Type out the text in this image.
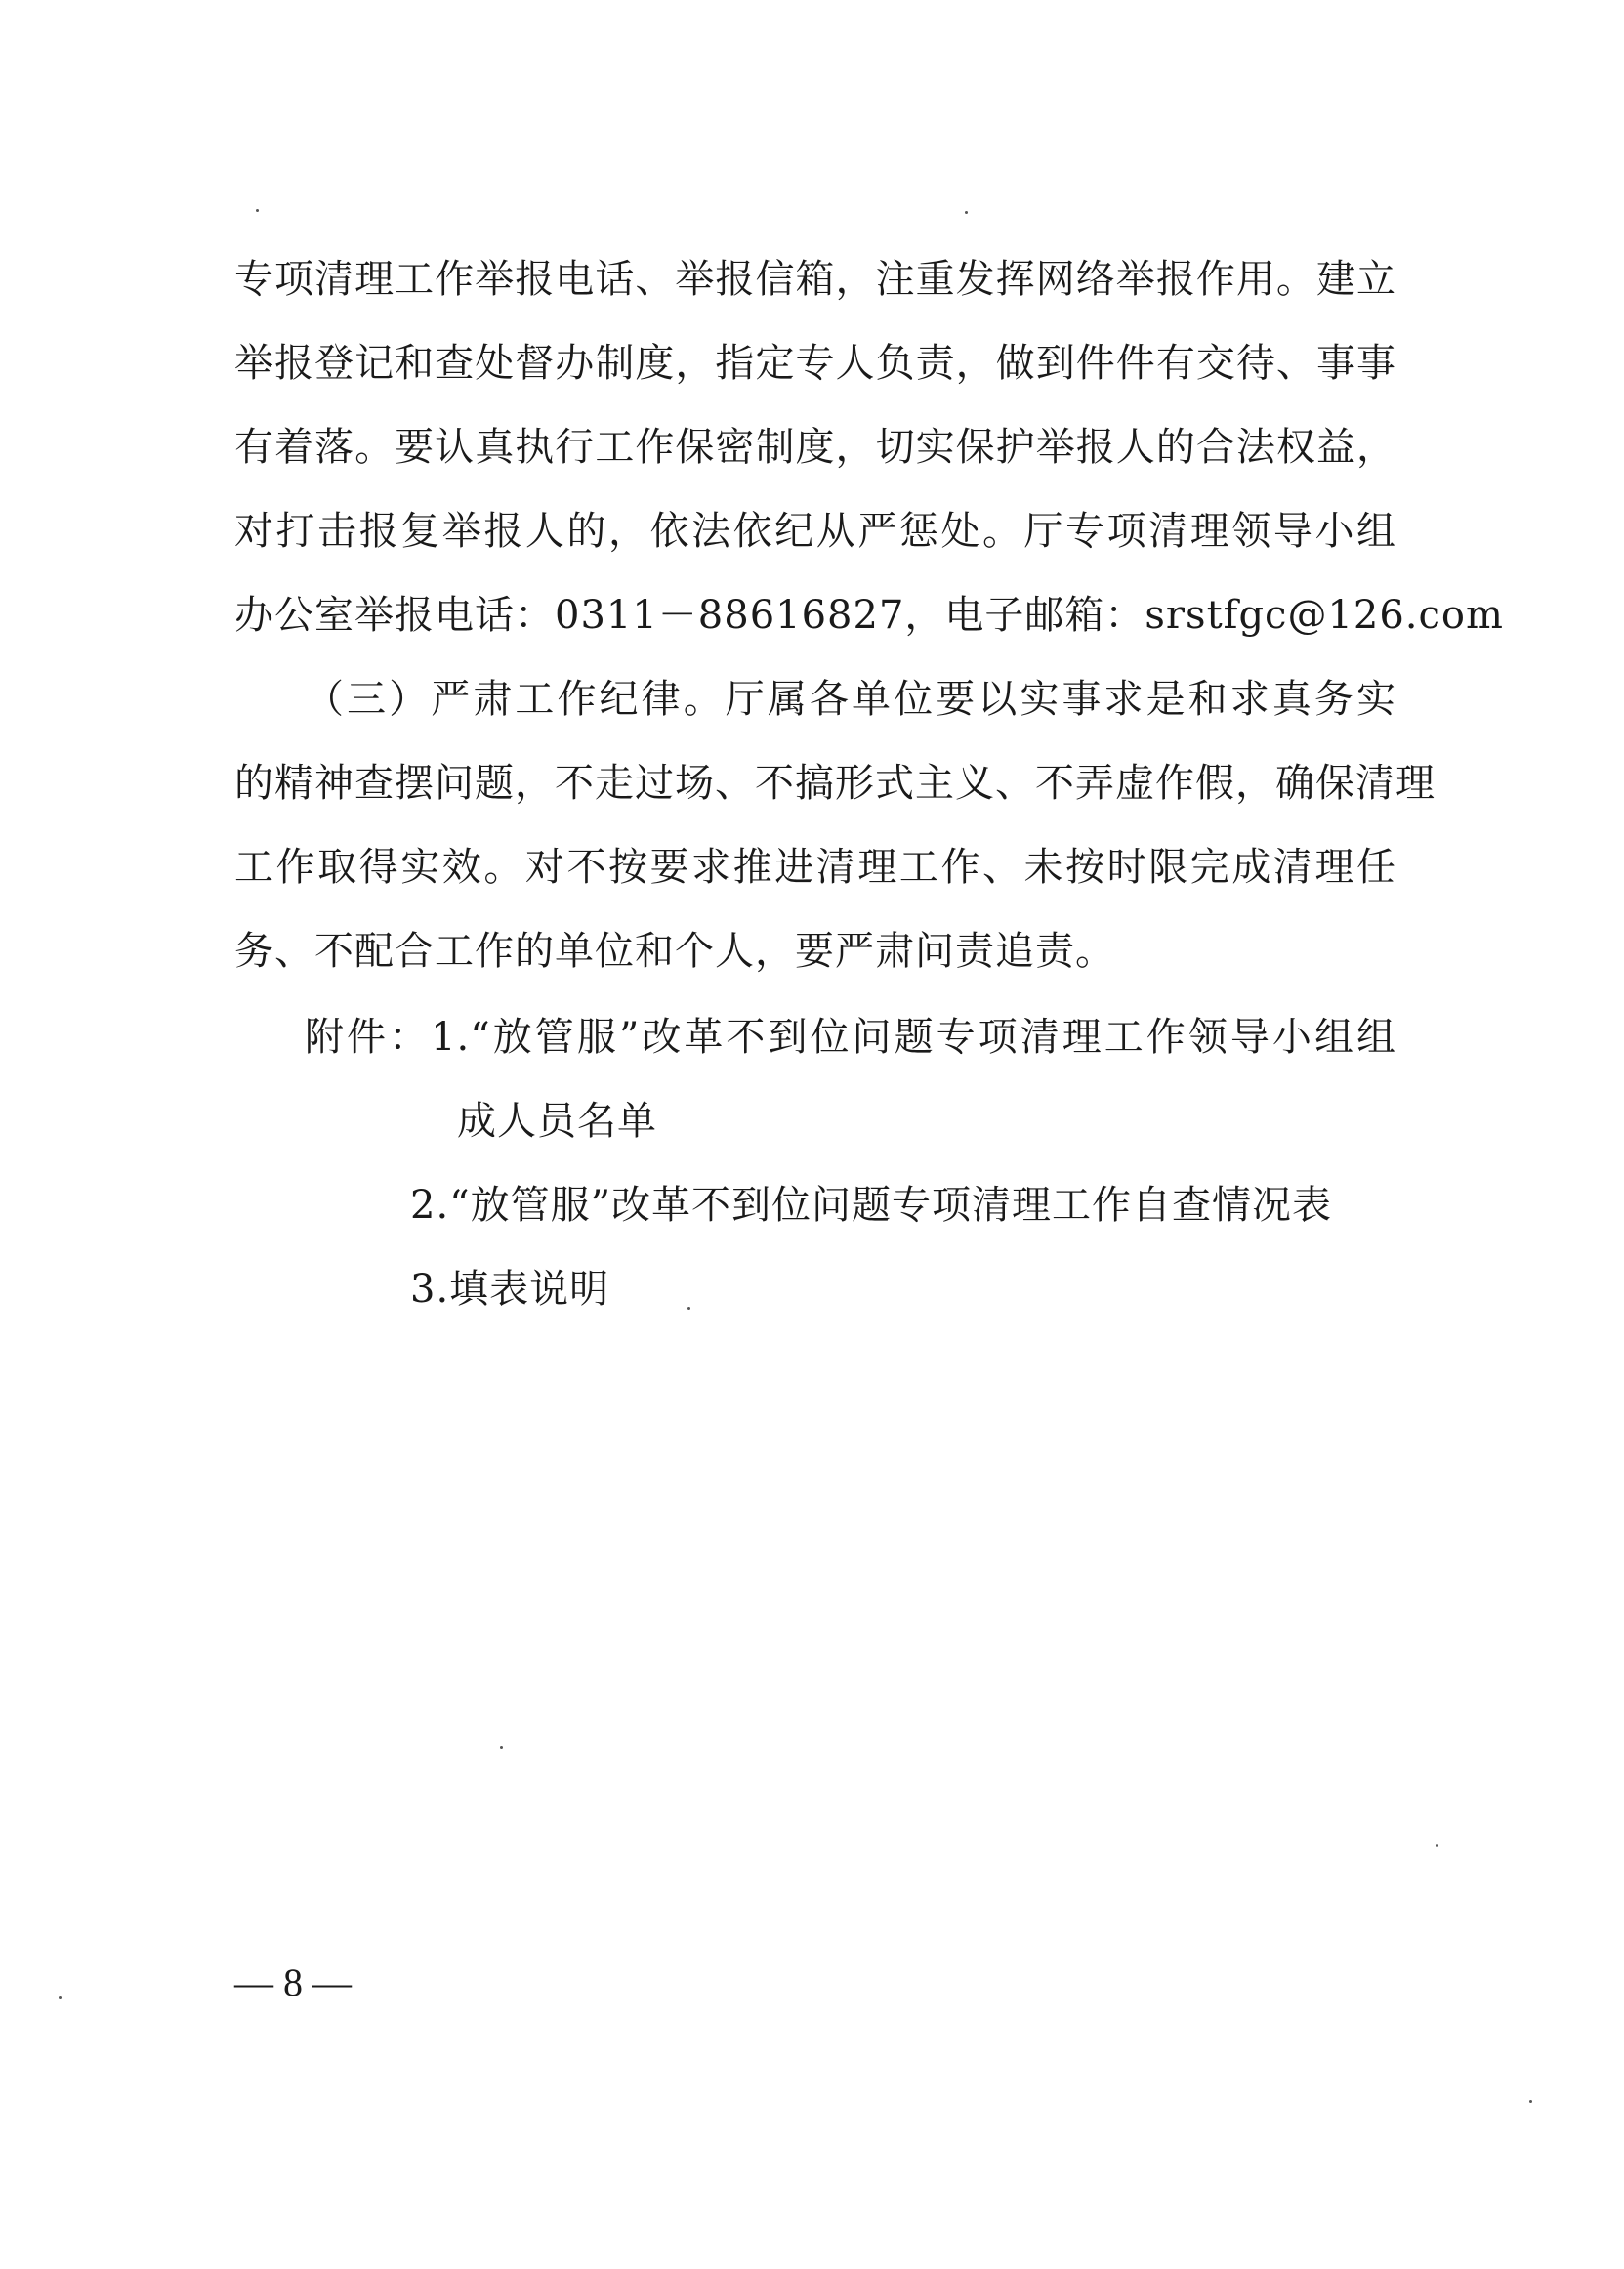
专项清理工作举报电话、举报信箱，注重发挥网络举报作用。建立
举报登记和查处督办制度，指定专人负责，做到件件有交待、事事
有着落。要认真执行工作保密制度，切实保护举报人的合法权益，
对打击报复举报人的，依法依纪从严惩处。厅专项清理领导小组
办公室举报电话：0311－88616827，电子邮箱：srstfgc@126.com
（三）严肃工作纪律。厅属各单位要以实事求是和求真务实
的精神查摆问题，不走过场、不搞形式主义、不弄虚作假，确保清理
工作取得实效。对不按要求推进清理工作、未按时限完成清理任
务、不配合工作的单位和个人，要严肃问责追责。
附件：1.“放管服”改革不到位问题专项清理工作领导小组组
成人员名单
2.“放管服”改革不到位问题专项清理工作自查情况表
3.填表说明
— 8 —
